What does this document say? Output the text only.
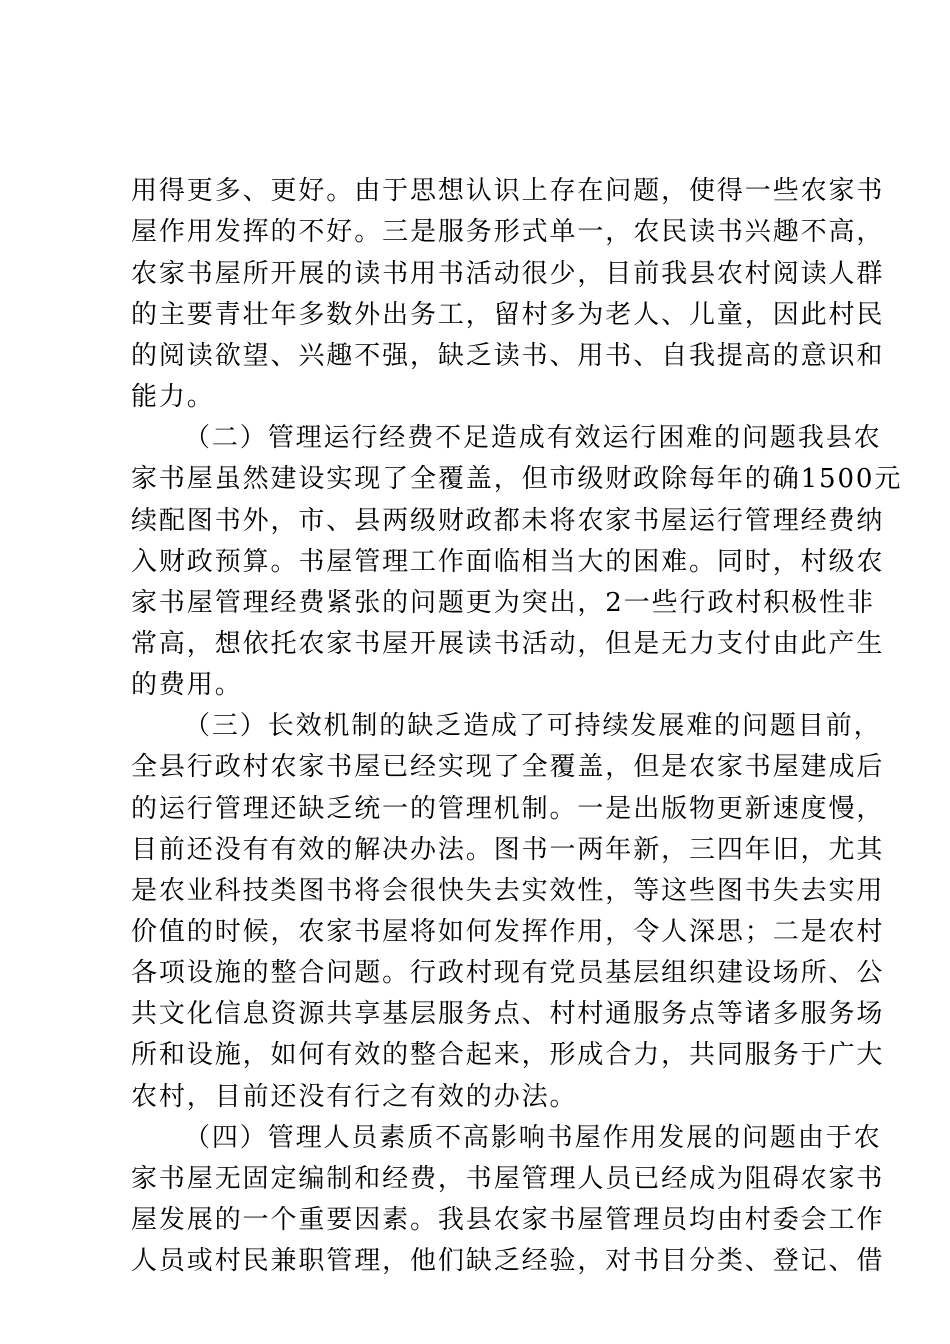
用得更多、更好。由于思想认识上存在问题，使得一些农家书
屋作用发挥的不好。三是服务形式单一，农民读书兴趣不高，
农家书屋所开展的读书用书活动很少，目前我县农村阅读人群
的主要青壮年多数外出务工，留村多为老人、儿童，因此村民
的阅读欲望、兴趣不强，缺乏读书、用书、自我提高的意识和
能力。
（二）管理运行经费不足造成有效运行困难的问题我县农
家书屋虽然建设实现了全覆盖，但市级财政除每年的确1500元
续配图书外，市、县两级财政都未将农家书屋运行管理经费纳
入财政预算。书屋管理工作面临相当大的困难。同时，村级农
家书屋管理经费紧张的问题更为突出，2一些行政村积极性非
常高，想依托农家书屋开展读书活动，但是无力支付由此产生
的费用。
（三）长效机制的缺乏造成了可持续发展难的问题目前，
全县行政村农家书屋已经实现了全覆盖，但是农家书屋建成后
的运行管理还缺乏统一的管理机制。一是出版物更新速度慢，
目前还没有有效的解决办法。图书一两年新，三四年旧，尤其
是农业科技类图书将会很快失去实效性，等这些图书失去实用
价值的时候，农家书屋将如何发挥作用，令人深思；二是农村
各项设施的整合问题。行政村现有党员基层组织建设场所、公
共文化信息资源共享基层服务点、村村通服务点等诸多服务场
所和设施，如何有效的整合起来，形成合力，共同服务于广大
农村，目前还没有行之有效的办法。
（四）管理人员素质不高影响书屋作用发展的问题由于农
家书屋无固定编制和经费，书屋管理人员已经成为阻碍农家书
屋发展的一个重要因素。我县农家书屋管理员均由村委会工作
人员或村民兼职管理，他们缺乏经验，对书目分类、登记、借
